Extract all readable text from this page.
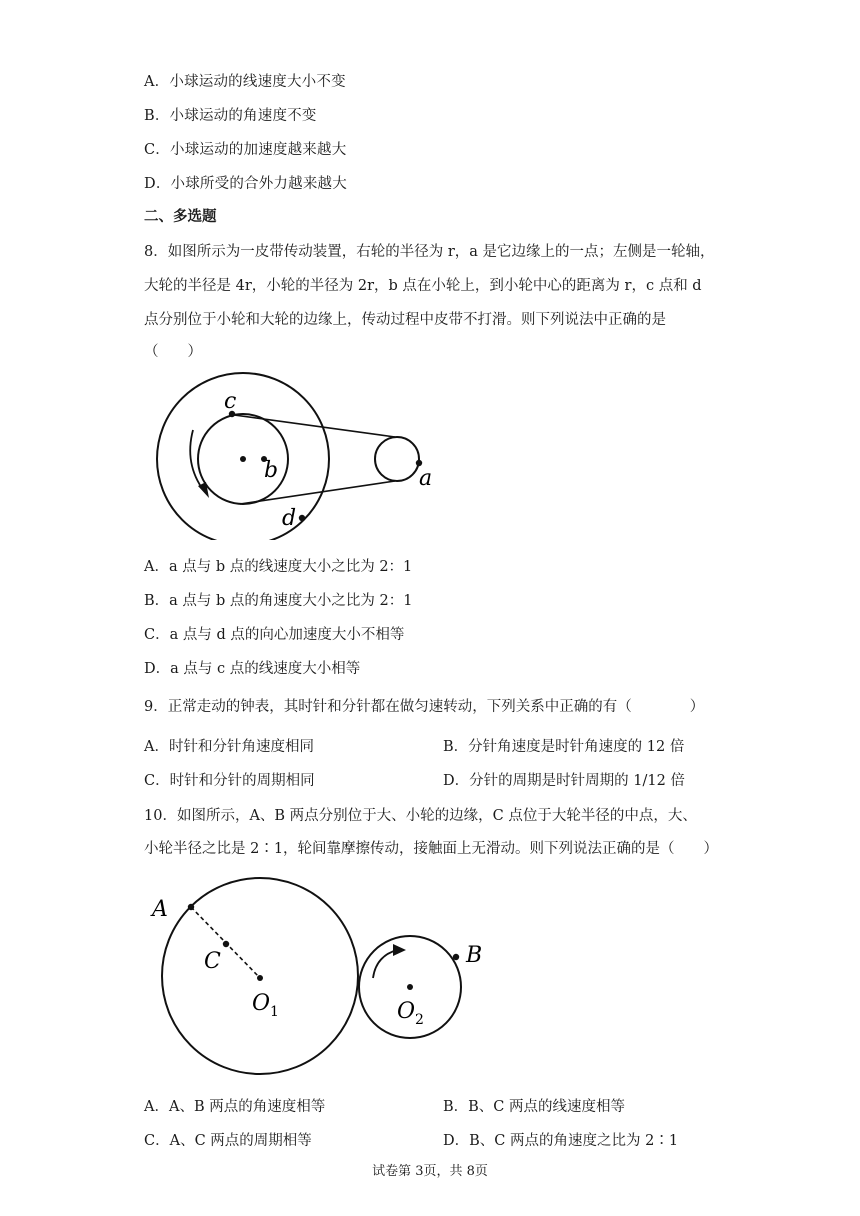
A．小球运动的线速度大小不变
B．小球运动的角速度不变
C．小球运动的加速度越来越大
D．小球所受的合外力越来越大
二、多选题
8．如图所示为一皮带传动装置，右轮的半径为 r，a 是它边缘上的一点；左侧是一轮轴，
大轮的半径是 4r，小轮的半径为 2r，b 点在小轮上，到小轮中心的距离为 r，c 点和 d
点分别位于小轮和大轮的边缘上，传动过程中皮带不打滑。则下列说法中正确的是
（　　）
c
b
d
a
A．a 点与 b 点的线速度大小之比为 2：1
B．a 点与 b 点的角速度大小之比为 2：1
C．a 点与 d 点的向心加速度大小不相等
D．a 点与 c 点的线速度大小相等
9．正常走动的钟表，其时针和分针都在做匀速转动，下列关系中正确的有（　　　　）
A．时针和分针角速度相同	B．分针角速度是时针角速度的 12 倍
C．时针和分针的周期相同	D．分针的周期是时针周期的 1/12 倍
10．如图所示，A、B 两点分别位于大、小轮的边缘，C 点位于大轮半径的中点，大、
小轮半径之比是 2∶1，轮间靠摩擦传动，接触面上无滑动。则下列说法正确的是（　　）
A
C
$O_1$	$O_2$
B
A．A、B 两点的角速度相等	B．B、C 两点的线速度相等
C．A、C 两点的周期相等	D．B、C 两点的角速度之比为 2∶1
试卷第 3页，共 8页
